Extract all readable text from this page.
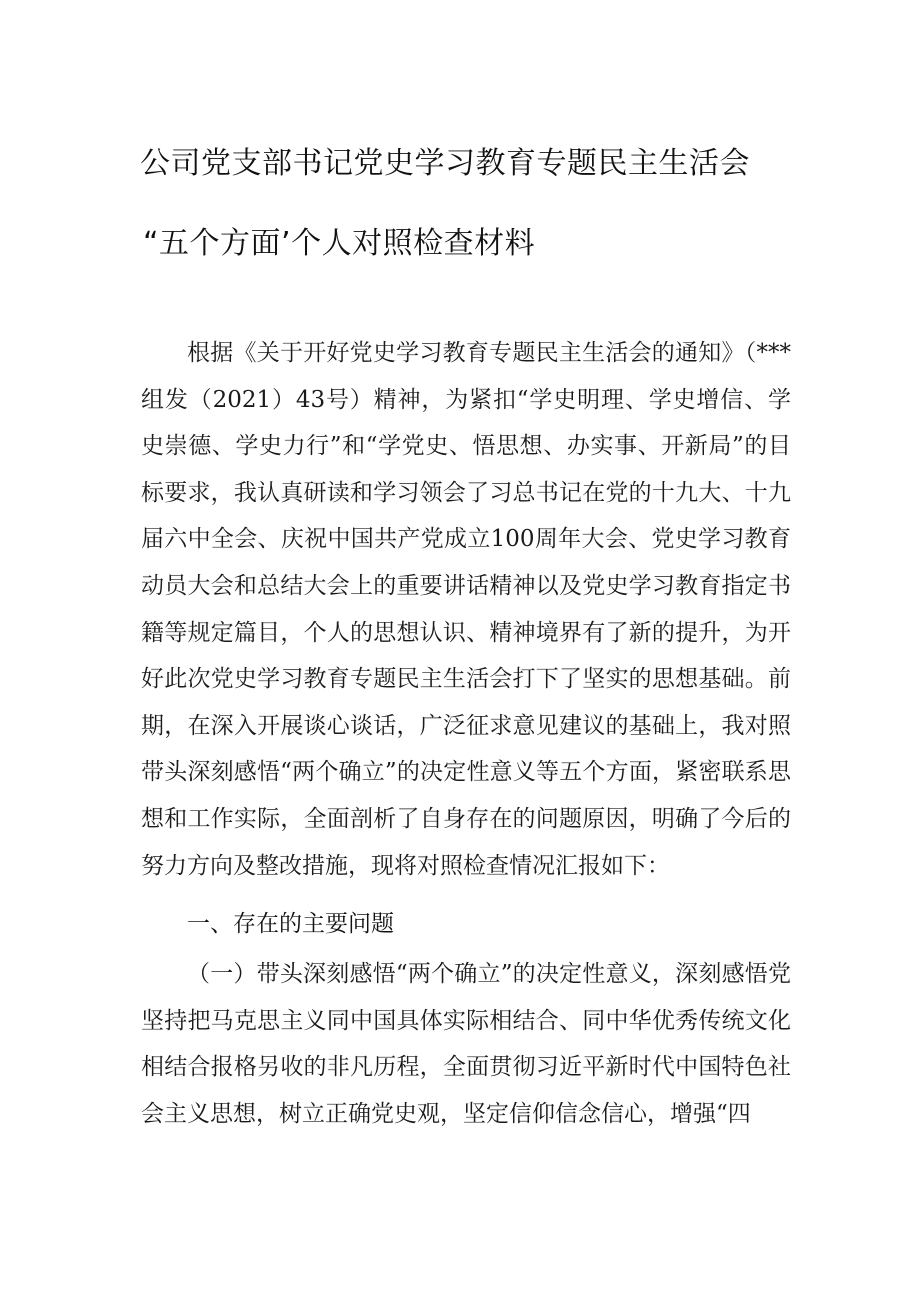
公司党支部书记党史学习教育专题民主生活会
“五个方面’个人对照检查材料

根据《关于开好党史学习教育专题民主生活会的通知》（***组发（2021）43号）精神，为紧扣“学史明理、学史增信、学史崇德、学史力行”和“学党史、悟思想、办实事、开新局”的目标要求，我认真研读和学习领会了习总书记在党的十九大、十九届六中全会、庆祝中国共产党成立100周年大会、党史学习教育动员大会和总结大会上的重要讲话精神以及党史学习教育指定书籍等规定篇目，个人的思想认识、精神境界有了新的提升，为开好此次党史学习教育专题民主生活会打下了坚实的思想基础。前期，在深入开展谈心谈话，广泛征求意见建议的基础上，我对照带头深刻感悟“两个确立”的决定性意义等五个方面，紧密联系思想和工作实际，全面剖析了自身存在的问题原因，明确了今后的努力方向及整改措施，现将对照检查情况汇报如下：

一、存在的主要问题

（一）带头深刻感悟“两个确立”的决定性意义，深刻感悟党坚持把马克思主义同中国具体实际相结合、同中华优秀传统文化相结合报格另收的非凡历程，全面贯彻习近平新时代中国特色社会主义思想，树立正确党史观，坚定信仰信念信心，增强“四
